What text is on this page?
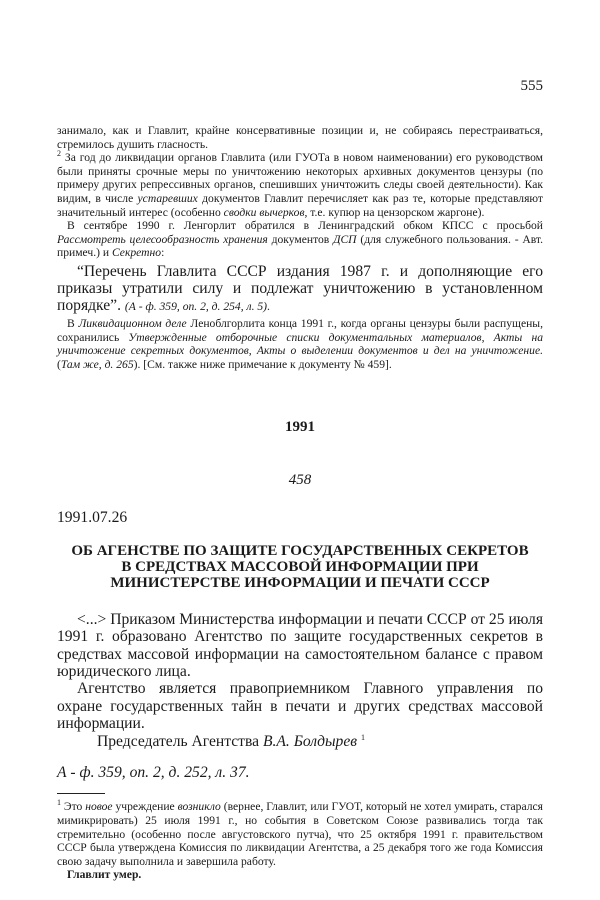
555

занимало, как и Главлит, крайне консервативные позиции и, не собираясь перестраиваться, стремилось душить гласность.

$^2$ За год до ликвидации органов Главлита (или ГУОТа в новом наименовании) его руководством были приняты срочные меры по уничтожению некоторых архивных документов цензуры (по примеру других репрессивных органов, спешивших уничтожить следы своей деятельности). Как видим, в числе устаревших документов Главлит перечисляет как раз те, которые представляют значительный интерес (особенно сводки вычерков, т.е. купюр на цензорском жаргоне).

В сентябре 1990 г. Ленгорлит обратился в Ленинградский обком КПСС с просьбой Рассмотреть целесообразность хранения документов ДСП (для служебного пользования. - Авт. примеч.) и Секретно:

“Перечень Главлита СССР издания 1987 г. и дополняющие его приказы утратили силу и подлежат уничтожению в установленном порядке”. (А - ф. 359, оп. 2, д. 254, л. 5).

В Ликвидационном деле Леноблгорлита конца 1991 г., когда органы цензуры были распущены, сохранились Утвержденные отборочные списки документальных материалов, Акты на уничтожение секретных документов, Акты о выделении документов и дел на уничтожение. (Там же, д. 265). [См. также ниже примечание к документу № 459].

1991
458
1991.07.26
ОБ АГЕНСТВЕ ПО ЗАЩИТЕ ГОСУДАРСТВЕННЫХ СЕКРЕТОВ В СРЕДСТВАХ МАССОВОЙ ИНФОРМАЦИИ ПРИ МИНИСТЕРСТВЕ ИНФОРМАЦИИ И ПЕЧАТИ СССР

<...> Приказом Министерства информации и печати СССР от 25 июля 1991 г. образовано Агентство по защите государственных секретов в средствах массовой информации на самостоятельном балансе с правом юридического лица.

Агентство является правоприемником Главного управления по охране государственных тайн в печати и других средствах массовой информации.

Председатель Агентства В.А. Болдырев $^1$

А - ф. 359, оп. 2, д. 252, л. 37.

$^1$ Это новое учреждение возникло (вернее, Главлит, или ГУОТ, который не хотел умирать, старался мимикрировать) 25 июля 1991 г., но события в Советском Союзе развивались тогда так стремительно (особенно после августовского путча), что 25 октября 1991 г. правительством СССР была утверждена Комиссия по ликвидации Агентства, а 25 декабря того же года Комиссия свою задачу выполнила и завершила работу.

Главлит умер.
